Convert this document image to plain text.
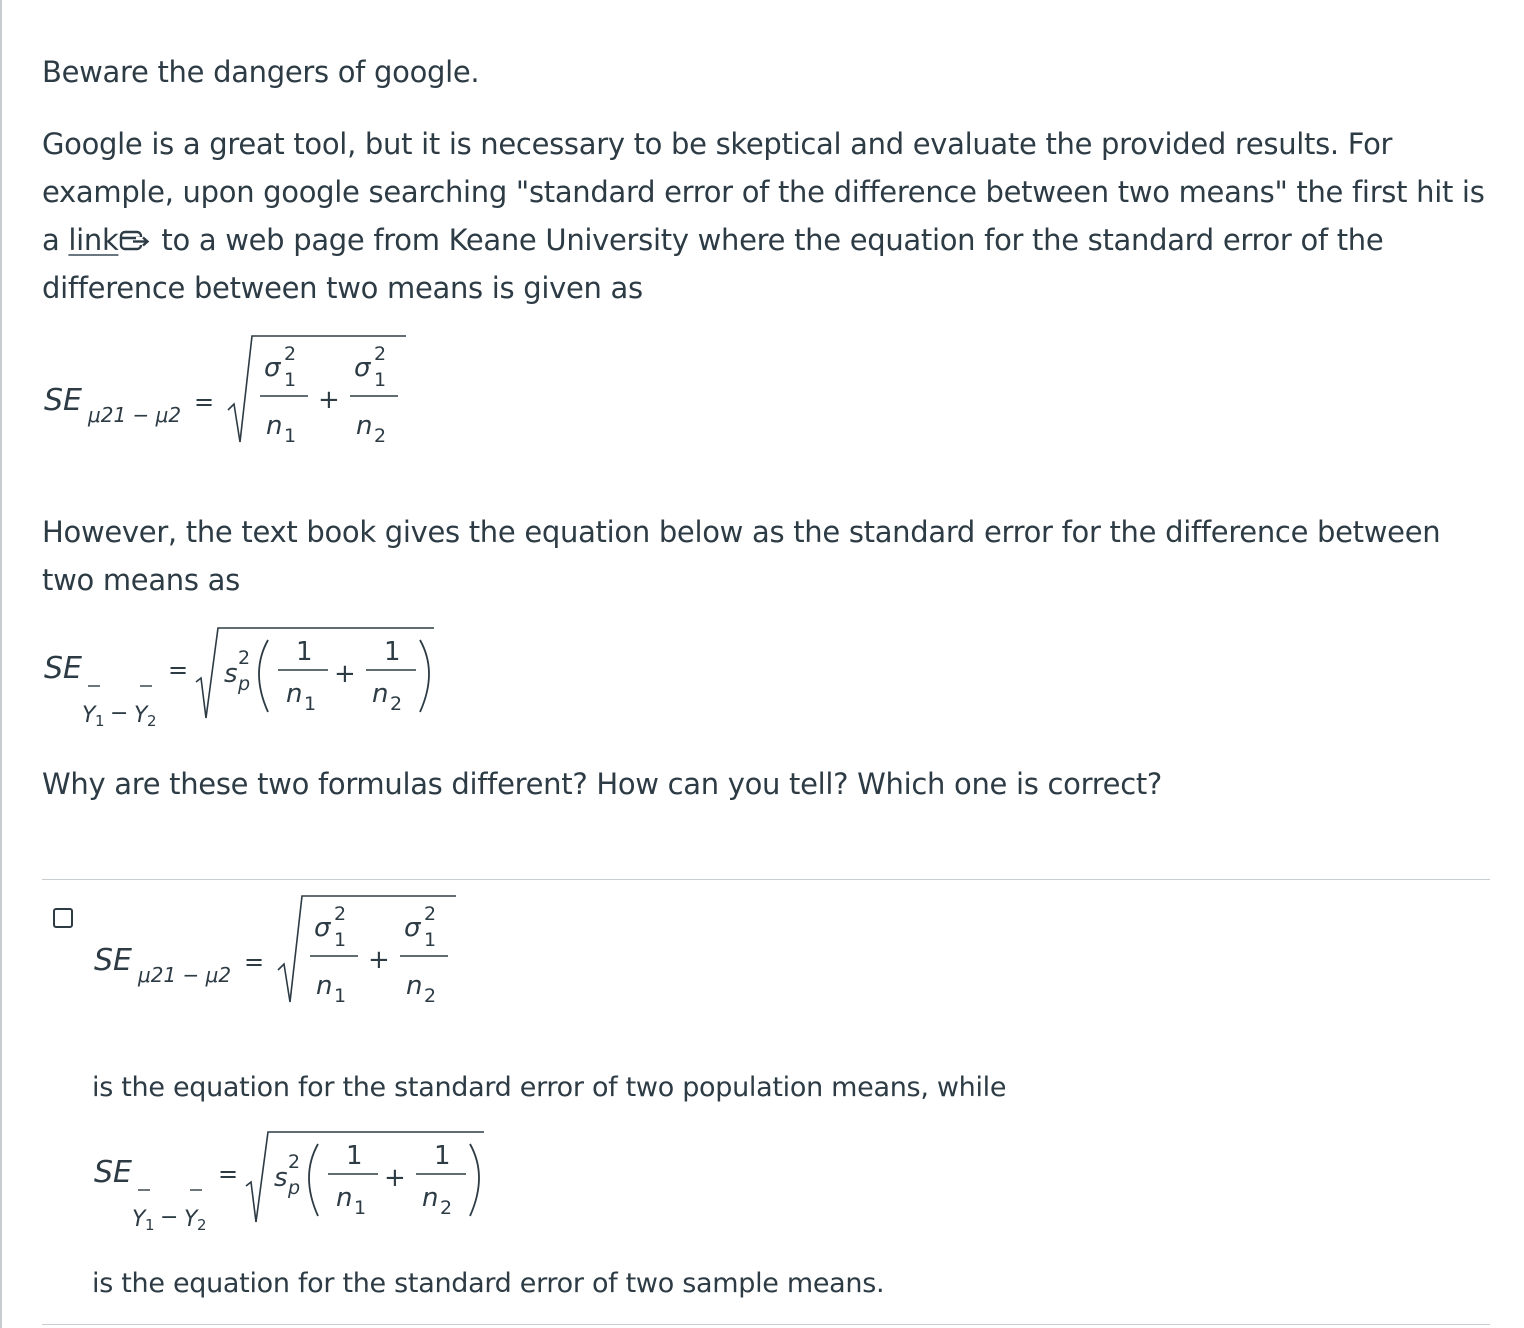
Beware the dangers of google.

Google is a great tool, but it is necessary to be skeptical and evaluate the provided results. For example, upon google searching "standard error of the difference between two means" the first hit is a link to a web page from Keane University where the equation for the standard error of the difference between two means is given as

SE μ21 − μ2 =
σ 2
1
n 1
+
σ 2
1
n 2

However, the text book gives the equation below as the standard error for the difference between two means as

SE
Y 1 − Y 2
= s
2
p
1
n 1
+
1
n 2

Why are these two formulas different? How can you tell? Which one is correct?

SE μ21 − μ2 =
σ 2
1
n 1
+
σ 2
1
n 2

is the equation for the standard error of two population means, while

SE
Y 1 − Y 2
= s
2
p
1
n 1
+
1
n 2

is the equation for the standard error of two sample means.
